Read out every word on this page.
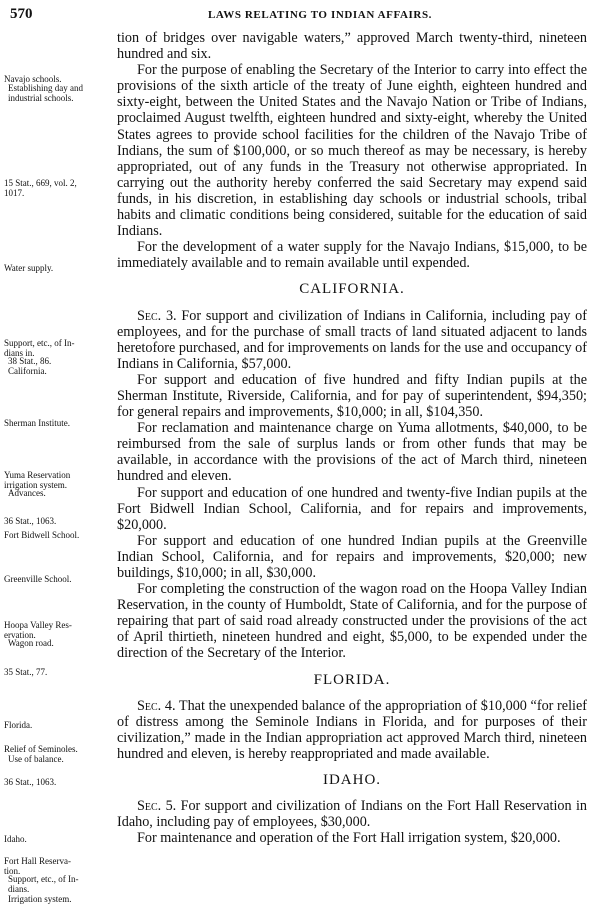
570	LAWS RELATING TO INDIAN AFFAIRS.
Navajo schools.
Establishing day and
industrial schools.
15 Stat., 669, vol. 2,
1017.
Water supply.
Support, etc., of In-
dians in.
38 Stat., 86.
California.
Sherman Institute.
Yuma Reservation
irrigation system.
Advances.
36 Stat., 1063.
Fort Bidwell School.
Greenville School.
Hoopa Valley Res-
ervation.
Wagon road.
35 Stat., 77.
Florida.
Relief of Seminoles.
Use of balance.
36 Stat., 1063.
Idaho.
Fort Hall Reserva-
tion.
Support, etc., of In-
dians.
Irrigation system.

tion of bridges over navigable waters,” approved March twenty-third, nineteen hundred and six.

For the purpose of enabling the Secretary of the Interior to carry into effect the provisions of the sixth article of the treaty of June eighth, eighteen hundred and sixty-eight, between the United States and the Navajo Nation or Tribe of Indians, proclaimed August twelfth, eighteen hundred and sixty-eight, whereby the United States agrees to provide school facilities for the children of the Navajo Tribe of Indians, the sum of $100,000, or so much thereof as may be necessary, is hereby appropriated, out of any funds in the Treasury not otherwise appropriated. In carrying out the authority hereby conferred the said Secretary may expend said funds, in his discretion, in establishing day schools or industrial schools, tribal habits and climatic conditions being considered, suitable for the education of said Indians.

For the development of a water supply for the Navajo Indians, $15,000, to be immediately available and to remain available until expended.

CALIFORNIA.

Sec. 3. For support and civilization of Indians in California, including pay of employees, and for the purchase of small tracts of land situated adjacent to lands heretofore purchased, and for improvements on lands for the use and occupancy of Indians in California, $57,000.

For support and education of five hundred and fifty Indian pupils at the Sherman Institute, Riverside, California, and for pay of superintendent, $94,350; for general repairs and improvements, $10,000; in all, $104,350.

For reclamation and maintenance charge on Yuma allotments, $40,000, to be reimbursed from the sale of surplus lands or from other funds that may be available, in accordance with the provisions of the act of March third, nineteen hundred and eleven.

For support and education of one hundred and twenty-five Indian pupils at the Fort Bidwell Indian School, California, and for repairs and improvements, $20,000.

For support and education of one hundred Indian pupils at the Greenville Indian School, California, and for repairs and improvements, $20,000; new buildings, $10,000; in all, $30,000.

For completing the construction of the wagon road on the Hoopa Valley Indian Reservation, in the county of Humboldt, State of California, and for the purpose of repairing that part of said road already constructed under the provisions of the act of April thirtieth, nineteen hundred and eight, $5,000, to be expended under the direction of the Secretary of the Interior.

FLORIDA.

Sec. 4. That the unexpended balance of the appropriation of $10,000 “for relief of distress among the Seminole Indians in Florida, and for purposes of their civilization,” made in the Indian appropriation act approved March third, nineteen hundred and eleven, is hereby reappropriated and made available.

IDAHO.

Sec. 5. For support and civilization of Indians on the Fort Hall Reservation in Idaho, including pay of employees, $30,000.

For maintenance and operation of the Fort Hall irrigation system, $20,000.
